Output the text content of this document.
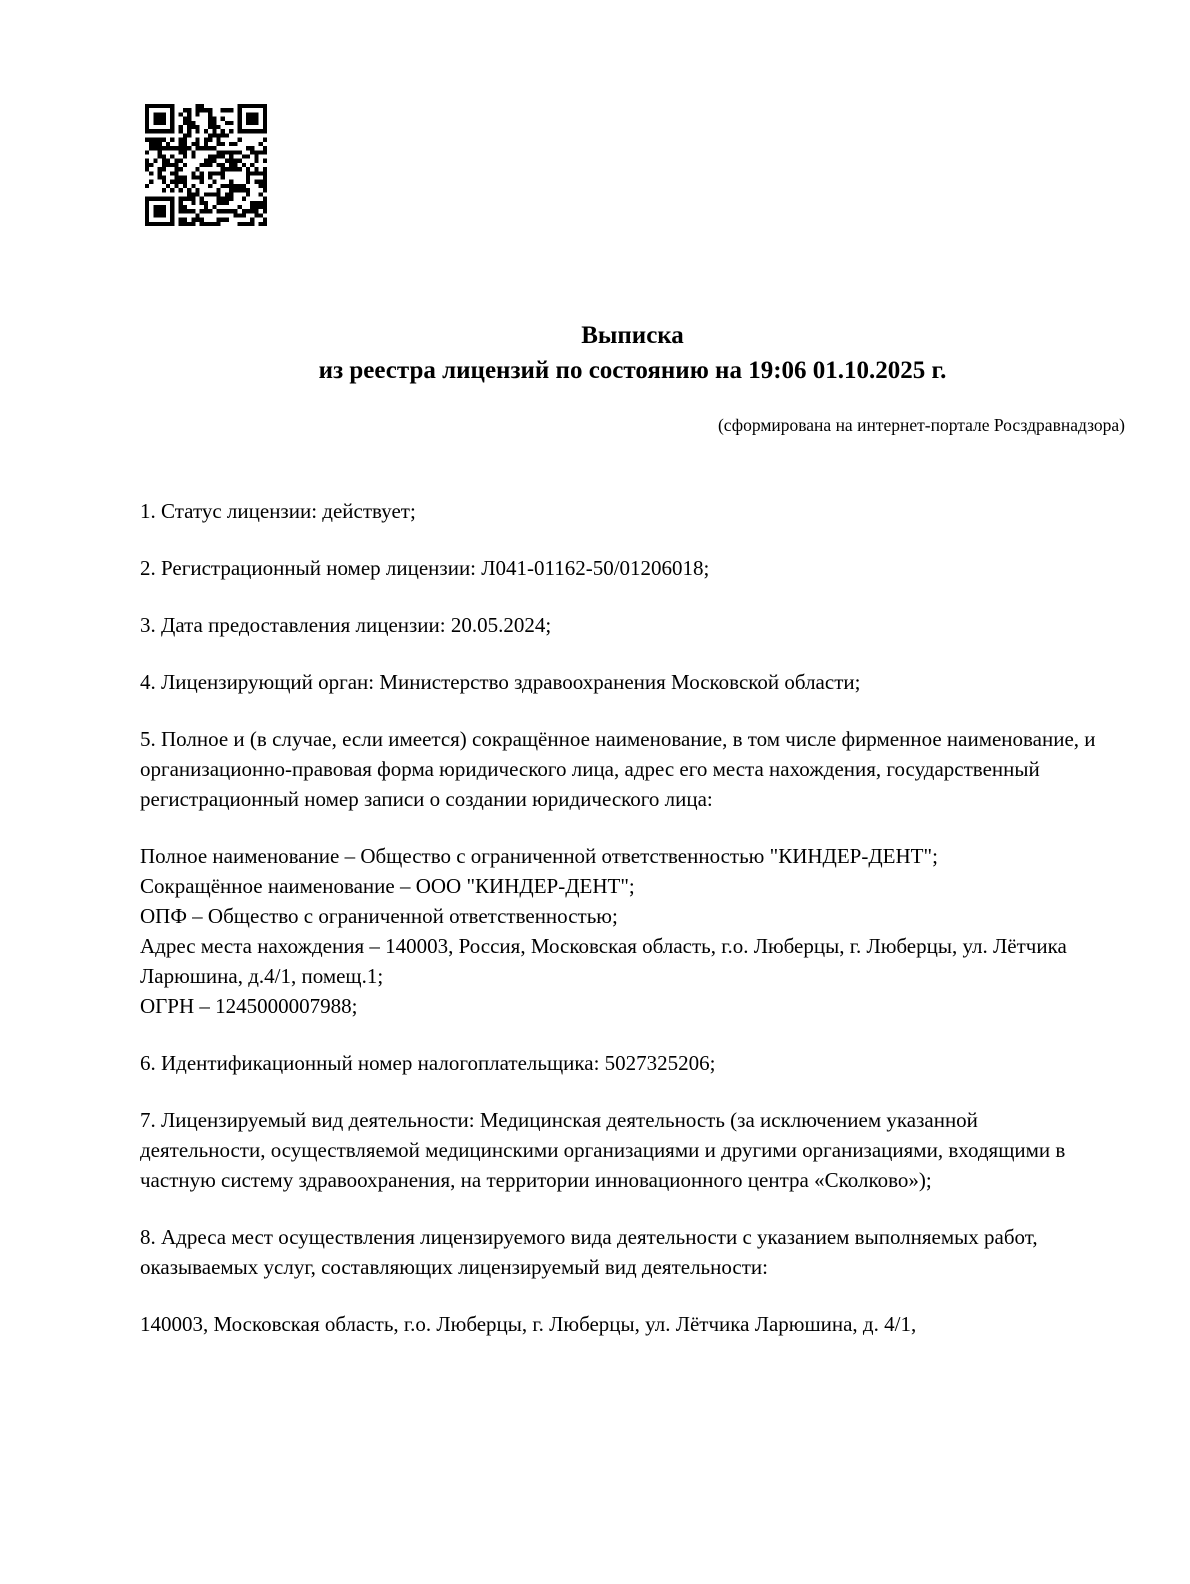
Выписка
из реестра лицензий по состоянию на 19:06 01.10.2025 г.
(сформирована на интернет-портале Росздравнадзора)
1. Статус лицензии: действует;
2. Регистрационный номер лицензии: Л041-01162-50/01206018;
3. Дата предоставления лицензии: 20.05.2024;
4. Лицензирующий орган: Министерство здравоохранения Московской области;
5. Полное и (в случае, если имеется) сокращённое наименование, в том числе фирменное наименование, и организационно-правовая форма юридического лица, адрес его места нахождения, государственный регистрационный номер записи о создании юридического лица:
Полное наименование – Общество с ограниченной ответственностью "КИНДЕР-ДЕНТ";
Сокращённое наименование – ООО "КИНДЕР-ДЕНТ";
ОПФ – Общество с ограниченной ответственностью;
Адрес места нахождения – 140003, Россия, Московская область, г.о. Люберцы, г. Люберцы, ул. Лётчика Ларюшина, д.4/1, помещ.1;
ОГРН – 1245000007988;
6. Идентификационный номер налогоплательщика: 5027325206;
7. Лицензируемый вид деятельности: Медицинская деятельность (за исключением указанной деятельности, осуществляемой медицинскими организациями и другими организациями, входящими в частную систему здравоохранения, на территории инновационного центра «Сколково»);
8. Адреса мест осуществления лицензируемого вида деятельности с указанием выполняемых работ, оказываемых услуг, составляющих лицензируемый вид деятельности:
140003, Московская область, г.о. Люберцы, г. Люберцы, ул. Лётчика Ларюшина, д. 4/1,
